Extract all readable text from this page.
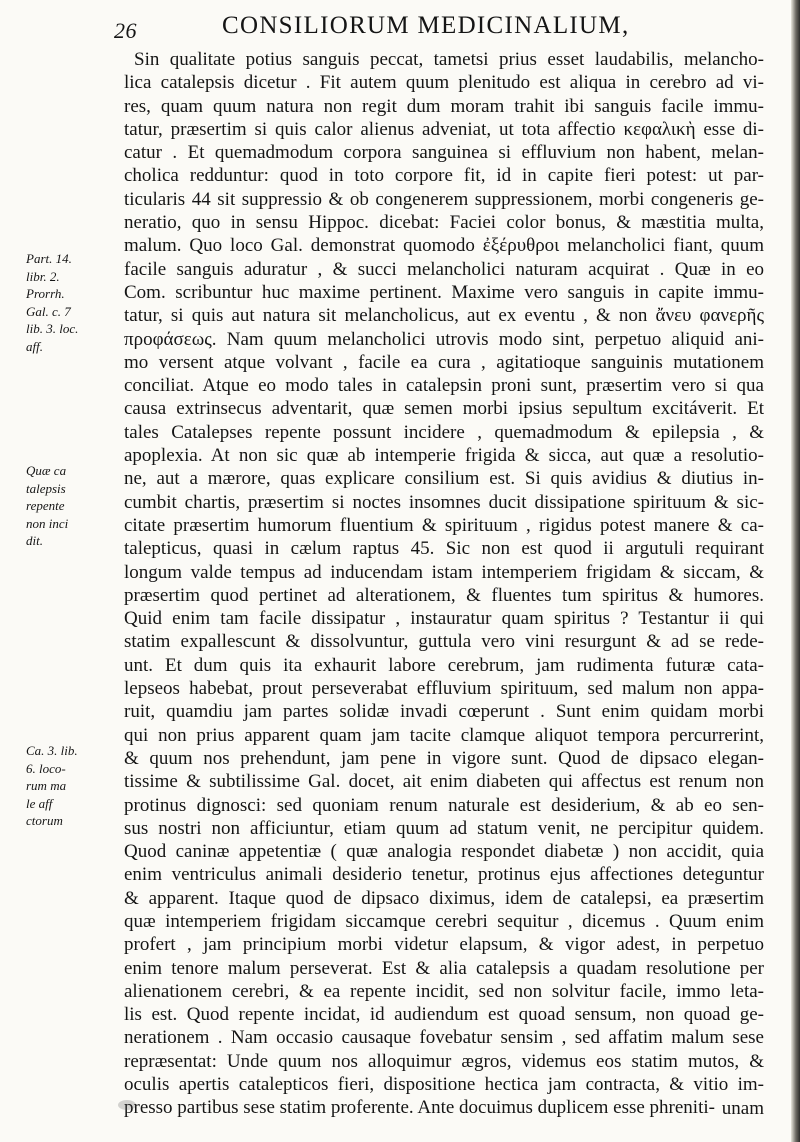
26	CONSILIORUM MEDICINALIUM,
Part. 14.
libr. 2.
Prorrh.
Gal. c. 7
lib. 3. loc.
aff.
Quæ ca
talepsis
repente
non inci
dit.
Ca. 3. lib.
6. loco-
rum ma
le aff
ctorum
Sin qualitate potius sanguis peccat, tametsi prius esset laudabilis, melancho-
lica catalepsis dicetur . Fit autem quum plenitudo est aliqua in cerebro ad vi-
res, quam quum natura non regit dum moram trahit ibi sanguis facile immu-
tatur, præsertim si quis calor alienus adveniat, ut tota affectio κεφαλικὴ esse di-
catur . Et quemadmodum corpora sanguinea si effluvium non habent, melan-
cholica redduntur: quod in toto corpore fit, id in capite fieri potest: ut par-
ticularis 44 sit suppressio & ob congenerem suppressionem, morbi congeneris ge-
neratio, quo in sensu Hippoc. dicebat: Faciei color bonus, & mæstitia multa,
malum. Quo loco Gal. demonstrat quomodo ἐξέρυθροι melancholici fiant, quum
facile sanguis aduratur , & succi melancholici naturam acquirat . Quæ in eo
Com. scribuntur huc maxime pertinent. Maxime vero sanguis in capite immu-
tatur, si quis aut natura sit melancholicus, aut ex eventu , & non ἄνευ φανερῆς
προφάσεως. Nam quum melancholici utrovis modo sint, perpetuo aliquid ani-
mo versent atque volvant , facile ea cura , agitatioque sanguinis mutationem
conciliat. Atque eo modo tales in catalepsin proni sunt, præsertim vero si qua
causa extrinsecus adventarit, quæ semen morbi ipsius sepultum excitáverit. Et
tales Catalepses repente possunt incidere , quemadmodum & epilepsia , &
apoplexia. At non sic quæ ab intemperie frigida & sicca, aut quæ a resolutio-
ne, aut a mærore, quas explicare consilium est. Si quis avidius & diutius in-
cumbit chartis, præsertim si noctes insomnes ducit dissipatione spirituum & sic-
citate præsertim humorum fluentium & spirituum , rigidus potest manere & ca-
talepticus, quasi in cælum raptus 45. Sic non est quod ii argutuli requirant
longum valde tempus ad inducendam istam intemperiem frigidam & siccam, &
præsertim quod pertinet ad alterationem, & fluentes tum spiritus & humores.
Quid enim tam facile dissipatur , instauratur quam spiritus ? Testantur ii qui
statim expallescunt & dissolvuntur, guttula vero vini resurgunt & ad se rede-
unt. Et dum quis ita exhaurit labore cerebrum, jam rudimenta futuræ cata-
lepseos habebat, prout perseverabat effluvium spirituum, sed malum non appa-
ruit, quamdiu jam partes solidæ invadi cœperunt . Sunt enim quidam morbi
qui non prius apparent quam jam tacite clamque aliquot tempora percurrerint,
& quum nos prehendunt, jam pene in vigore sunt. Quod de dipsaco elegan-
tissime & subtilissime Gal. docet, ait enim diabeten qui affectus est renum non
protinus dignosci: sed quoniam renum naturale est desiderium, & ab eo sen-
sus nostri non afficiuntur, etiam quum ad statum venit, ne percipitur quidem.
Quod caninæ appetentiæ ( quæ analogia respondet diabetæ ) non accidit, quia
enim ventriculus animali desiderio tenetur, protinus ejus affectiones deteguntur
& apparent. Itaque quod de dipsaco diximus, idem de catalepsi, ea præsertim
quæ intemperiem frigidam siccamque cerebri sequitur , dicemus . Quum enim
profert , jam principium morbi videtur elapsum, & vigor adest, in perpetuo
enim tenore malum perseverat. Est & alia catalepsis a quadam resolutione per
alienationem cerebri, & ea repente incidit, sed non solvitur facile, immo leta-
lis est. Quod repente incidat, id audiendum est quoad sensum, non quoad ge-
nerationem . Nam occasio causaque fovebatur sensim , sed affatim malum sese
repræsentat: Unde quum nos alloquimur ægros, videmus eos statim mutos, &
oculis apertis catalepticos fieri, dispositione hectica jam contracta, & vitio im-
presso partibus sese statim proferente. Ante docuimus duplicem esse phreniti- unam
